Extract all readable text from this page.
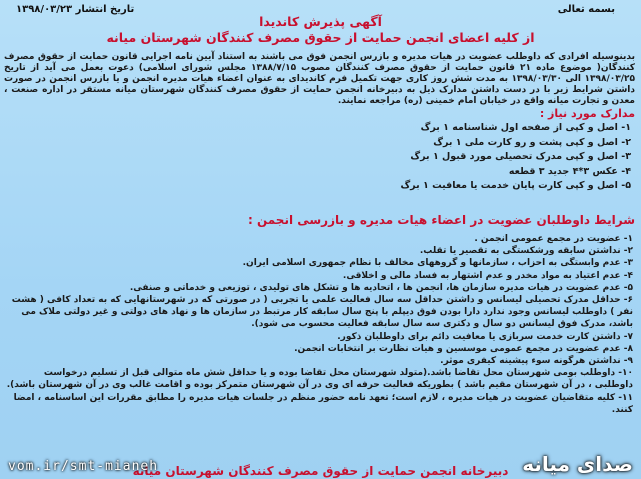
بسمه تعالی
تاریخ انتشار ۱۳۹۸/۰۳/۲۳
آگهی پذیرش کاندیدا
از کلیه اعضای انجمن حمایت از حقوق مصرف کنندگان شهرستان میانه
بدینوسیله افرادی که داوطلب عضویت در هیات مدیره و بازرس انجمن فوق می باشند به استناد آیین نامه اجرایی قانون حمایت از حقوق مصرف کنندگان( موضوع ماده ۲۱ قانون حمایت از حقوق مصرف کنندگان مصوب ۱۳۸۸/۷/۱۵ مجلس شورای اسلامی) دعوت بعمل می آید از تاریخ ۱۳۹۸/۰۳/۲۵ الی ۱۳۹۸/۰۳/۳۰ به مدت شش روز کاری جهت تکمیل فرم کاندیدای به عنوان اعضاء هیات مدیره انجمن و یا بازرس انجمن در صورت داشتن شرایط زیر با در دست داشتن مدارک ذیل به دبیرخانه انجمن حمایت از حقوق مصرف کنندگان شهرستان میانه مستقر در اداره صنعت ، معدن و تجارت میانه واقع در خیابان امام خمینی (ره) مراجعه نمایند.
مدارک مورد نیاز :
۱- اصل و کپی از صفحه اول شناسنامه ۱ برگ
۲- اصل و کپی پشت و رو کارت ملی ۱ برگ
۳- اصل و کپی مدرک تحصیلی مورد قبول ۱ برگ
۴- عکس ۳*۴ جدید ۳ قطعه
۵- اصل و کپی کارت پایان خدمت یا معافیت ۱ برگ
شرایط داوطلبان عضویت در اعضاء هیات مدیره و بازرسی انجمن :
۱- عضویت در مجمع عمومی انجمن .
۲- نداشتن سابقه ورشکستگی به تقصیر یا تقلب.
۳- عدم وابستگی به احزاب ، سازمانها و گروههای مخالف با نظام جمهوری اسلامی ایران.
۴- عدم اعتیاد به مواد مخدر و عدم اشتهار به فساد مالی و اخلاقی.
۵- عدم عضویت در هیات مدیره سازمان ها، انجمن ها ، اتحادیه ها و تشکل های تولیدی ، توزیعی و خدماتی و صنفی.
۶- حداقل مدرک تحصیلی لیسانس و داشتن حداقل سه سال فعالیت علمی یا تجربی ( در صورتی که در شهرستانهایی که به تعداد کافی ( هشت نفر ) داوطلب لیسانس وجود ندارد دارا بودن فوق دیپلم با پنج سال سابقه کار مرتبط در سازمان ها و نهاد های دولتی و غیر دولتی ملاک می باشد، مدرک فوق لیسانس دو سال و دکتری سه سال سابقه فعالیت محسوب می شود).
۷- داشتن کارت خدمت سربازی یا معافیت دائم برای داوطلبان ذکور.
۸- عدم عضویت در مجمع عمومی موسسین و هیات نظارت بر انتخابات انجمن.
۹- نداشتن هرگونه سوء پیشینه کیفری موثر.
۱۰- داوطلب بومی شهرستان محل تقاضا باشد.(متولد شهرستان محل تقاضا بوده و یا حداقل شش ماه متوالی قبل از تسلیم درخواست داوطلبی ، در آن شهرستان مقیم باشد ) بطوریکه فعالیت حرفه ای وی در آن شهرستان متمرکز بوده و اقامت غالب وی در آن شهرستان باشد).
۱۱- کلیه متقاضیان عضویت در هیات مدیره ، لازم است؛ تعهد نامه حضور منظم در جلسات هیات مدیره را مطابق مقررات این اساسنامه ، امضا کنند.
دبیرخانه انجمن حمایت از حقوق مصرف کنندگان شهرستان میانه
vom.ir/smt-mianeh	صدای میانه
